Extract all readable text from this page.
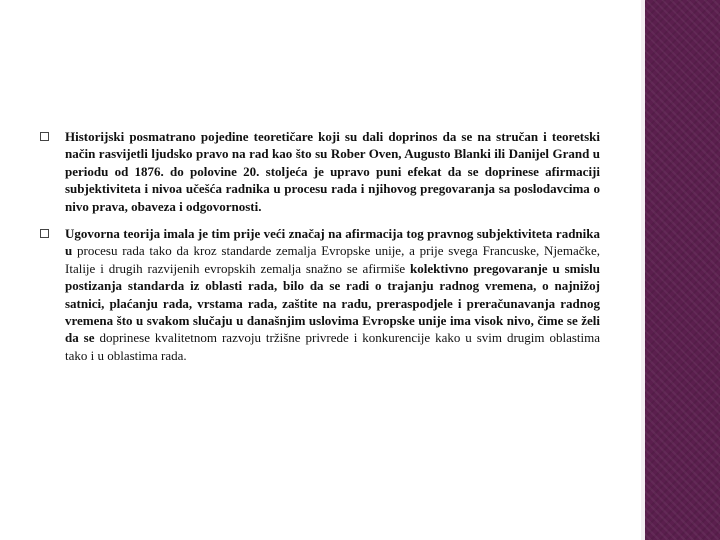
Historijski posmatrano pojedine teoretičare koji su dali doprinos da se na stručan i teoretski način rasvijetli ljudsko pravo na rad kao što su Rober Oven, Augusto Blanki ili Danijel Grand u periodu od 1876. do polovine 20. stoljeća je upravo puni efekat da se doprinese afirmaciji subjektiviteta i nivoa učešća radnika u procesu rada i njihovog pregovaranja sa poslodavcima o nivo prava, obaveza i odgovornosti.

Ugovorna teorija imala je tim prije veći značaj na afirmacija tog pravnog subjektiviteta radnika u procesu rada tako da kroz standarde zemalja Evropske unije, a prije svega Francuske, Njemačke, Italije i drugih razvijenih evropskih zemalja snažno se afirmiše kolektivno pregovaranje u smislu postizanja standarda iz oblasti rada, bilo da se radi o trajanju radnog vremena, o najnižoj satnici, plaćanju rada, vrstama rada, zaštite na radu, preraspodjele i preračunavanja radnog vremena što u svakom slučaju u današnjim uslovima Evropske unije ima visok nivo, čime se želi da se doprinese kvalitetnom razvoju tržišne privrede i konkurencije kako u svim drugim oblastima tako i u oblastima rada.
